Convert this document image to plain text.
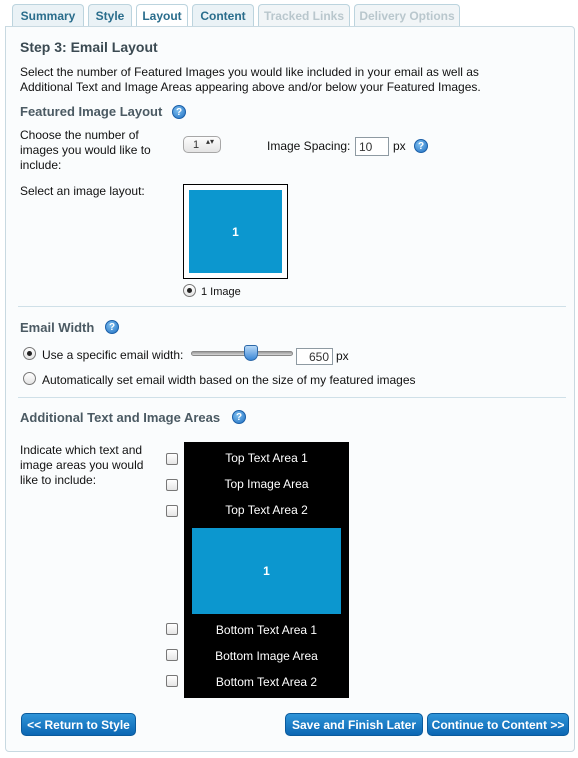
Summary Style Layout Content Tracked Links Delivery Options
Step 3: Email Layout
Select the number of Featured Images you would like included in your email as well as
Additional Text and Image Areas appearing above and/or below your Featured Images.
Featured Image Layout ?
Choose the number of
images you would like to
include:
1 ▴▾	Image Spacing: 10 px ?
Select an image layout:
1
1 Image
Email Width ?
Use a specific email width:	650 px
Automatically set email width based on the size of my featured images
Additional Text and Image Areas ?
Indicate which text and
image areas you would
like to include:
Top Text Area 1
Top Image Area
Top Text Area 2
1
Bottom Text Area 1
Bottom Image Area
Bottom Text Area 2
<< Return to Style	Save and Finish Later Continue to Content >>
